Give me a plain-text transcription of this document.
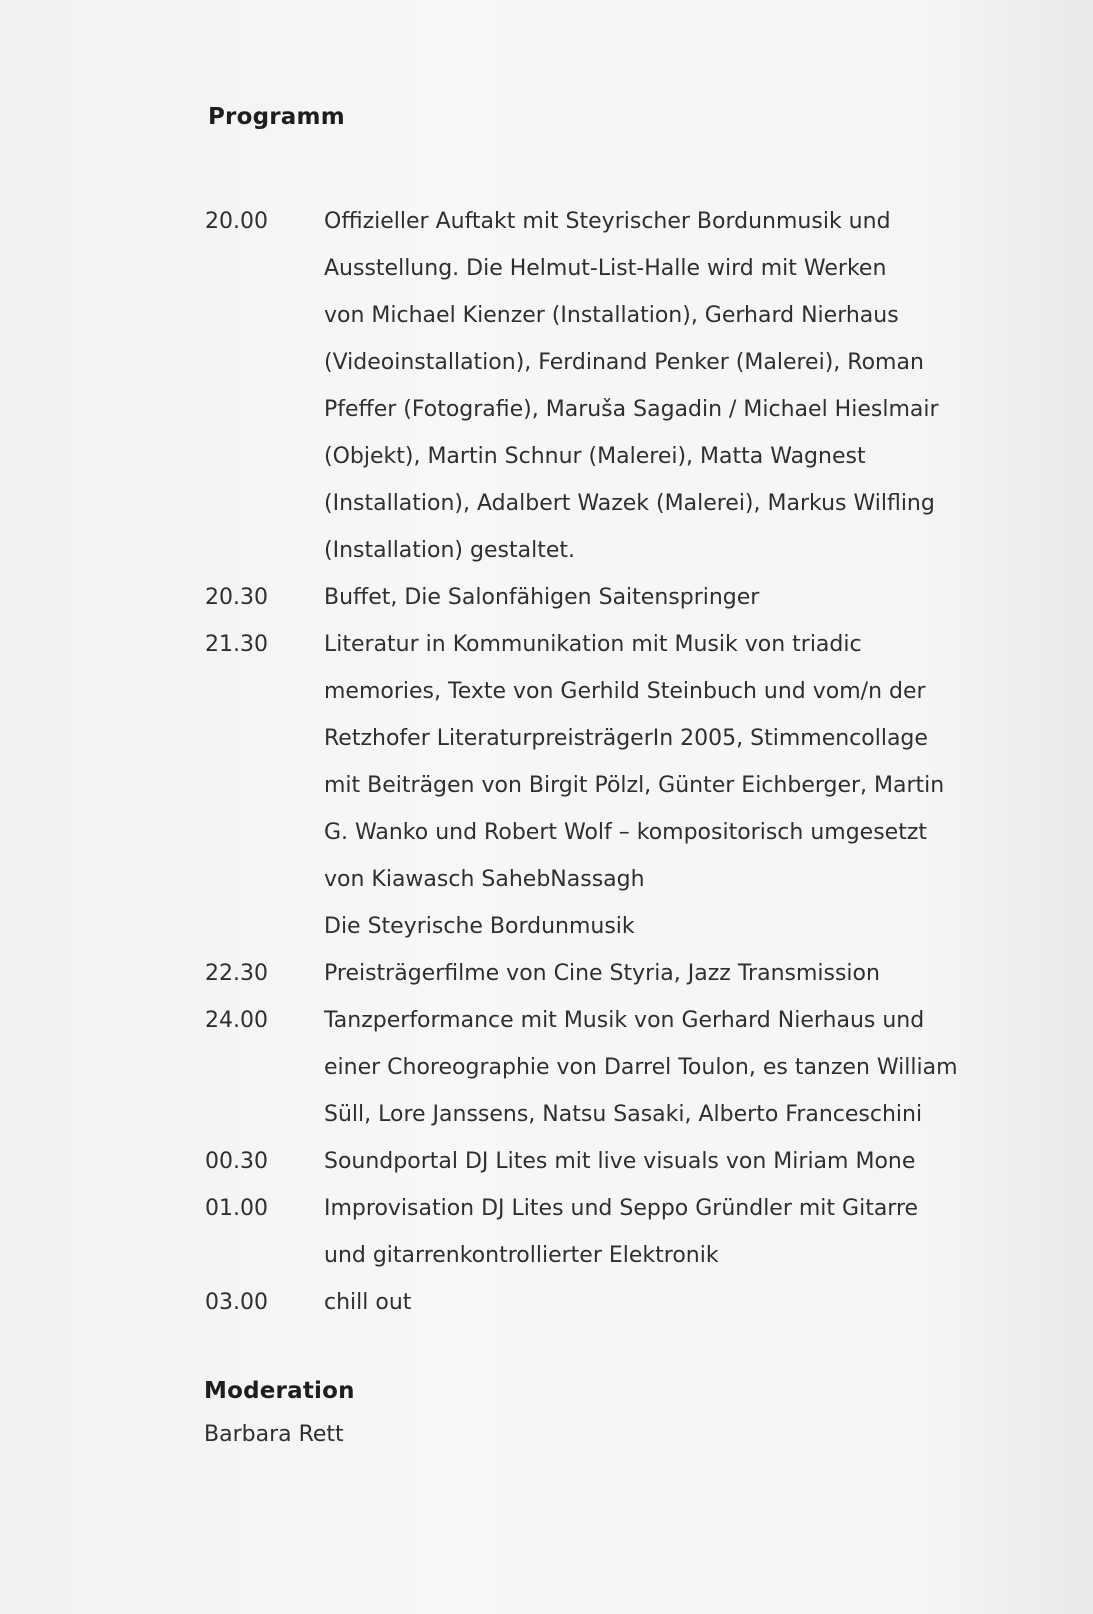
Programm
20.00	Offizieller Auftakt mit Steyrischer Bordunmusik und
Ausstellung. Die Helmut-List-Halle wird mit Werken
von Michael Kienzer (Installation), Gerhard Nierhaus
(Videoinstallation), Ferdinand Penker (Malerei), Roman
Pfeffer (Fotografie), Maruša Sagadin / Michael Hieslmair
(Objekt), Martin Schnur (Malerei), Matta Wagnest
(Installation), Adalbert Wazek (Malerei), Markus Wilfling
(Installation) gestaltet.
20.30	Buffet, Die Salonfähigen Saitenspringer
21.30	Literatur in Kommunikation mit Musik von triadic
memories, Texte von Gerhild Steinbuch und vom/n der
Retzhofer LiteraturpreisträgerIn 2005, Stimmencollage
mit Beiträgen von Birgit Pölzl, Günter Eichberger, Martin
G. Wanko und Robert Wolf – kompositorisch umgesetzt
von Kiawasch SahebNassagh
Die Steyrische Bordunmusik
22.30	Preisträgerfilme von Cine Styria, Jazz Transmission
24.00	Tanzperformance mit Musik von Gerhard Nierhaus und
einer Choreographie von Darrel Toulon, es tanzen William
Süll, Lore Janssens, Natsu Sasaki, Alberto Franceschini
00.30	Soundportal DJ Lites mit live visuals von Miriam Mone
01.00	Improvisation DJ Lites und Seppo Gründler mit Gitarre
und gitarrenkontrollierter Elektronik
03.00	chill out
Moderation
Barbara Rett
